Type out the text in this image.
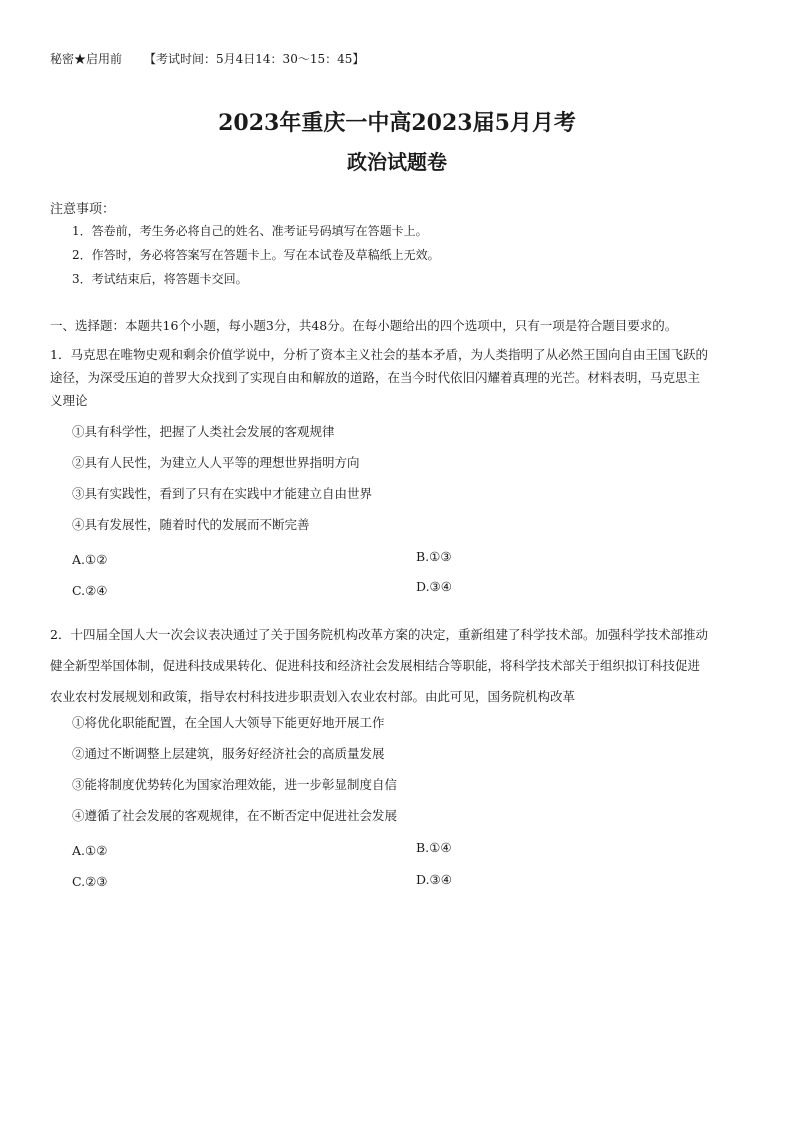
秘密★启用前 【考试时间：5月4日14：30～15：45】
2023年重庆一中高2023届5月月考
政治试题卷
注意事项：
1．答卷前，考生务必将自己的姓名、准考证号码填写在答题卡上。
2．作答时，务必将答案写在答题卡上。写在本试卷及草稿纸上无效。
3．考试结束后，将答题卡交回。
一、选择题：本题共16个小题，每小题3分，共48分。在每小题给出的四个选项中，只有一项是符合题目要求的。
1．马克思在唯物史观和剩余价值学说中，分析了资本主义社会的基本矛盾，为人类指明了从必然王国向自由王国飞跃的
途径，为深受压迫的普罗大众找到了实现自由和解放的道路，在当今时代依旧闪耀着真理的光芒。材料表明，马克思主
义理论
①具有科学性，把握了人类社会发展的客观规律
②具有人民性，为建立人人平等的理想世界指明方向
③具有实践性，看到了只有在实践中才能建立自由世界
④具有发展性，随着时代的发展而不断完善
A.①②	B.①③
C.②④	D.③④
2．十四届全国人大一次会议表决通过了关于国务院机构改革方案的决定，重新组建了科学技术部。加强科学技术部推动
健全新型举国体制，促进科技成果转化、促进科技和经济社会发展相结合等职能，将科学技术部关于组织拟订科技促进
农业农村发展规划和政策，指导农村科技进步职责划入农业农村部。由此可见，国务院机构改革
①将优化职能配置，在全国人大领导下能更好地开展工作
②通过不断调整上层建筑，服务好经济社会的高质量发展
③能将制度优势转化为国家治理效能，进一步彰显制度自信
④遵循了社会发展的客观规律，在不断否定中促进社会发展
A.①②	B.①④
C.②③	D.③④
